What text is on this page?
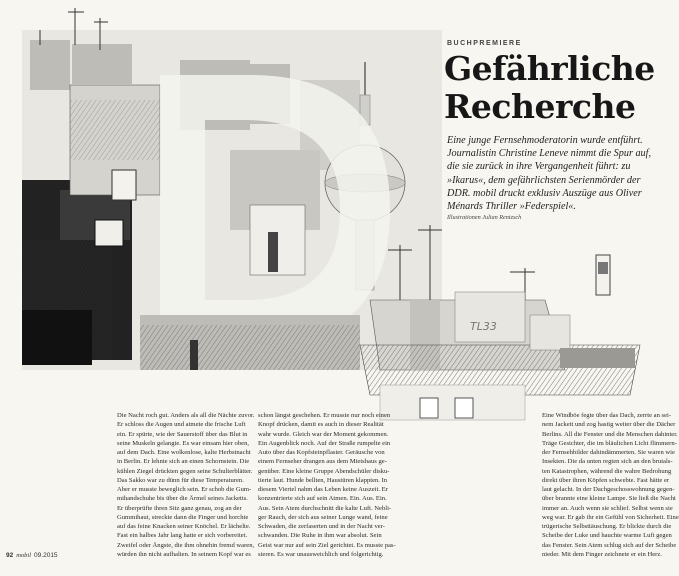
TL33
BUCHPREMIERE
Gefährliche
Recherche

Eine junge Fernsehmoderatorin wurde entführt. Journalistin Christine Leneve nimmt die Spur auf, die sie zurück in ihre Vergangenheit führt: zu »Ikarus«, dem gefährlichsten Serienmörder der DDR. mobil druckt exklusiv Auszüge aus Oliver Ménards Thriller »Federspiel«.

Illustrationen Julian Rentzsch

Die Nacht roch gut. Anders als all die Nächte zuvor.

Er schloss die Augen und atmete die frische Luft

ein. Er spürte, wie der Sauerstoff über das Blut in

seine Muskeln gelangte. Es war einsam hier oben,

auf dem Dach. Eine wolkenlose, kalte Herbstnacht

in Berlin. Er lehnte sich an einen Schornstein. Die

kühlen Ziegel drückten gegen seine Schulterblätter.

Das Sakko war zu dünn für diese Temperaturen.

Aber er musste beweglich sein. Er schob die Gum-

mihandschuhe bis über die Ärmel seines Jacketts.

Er überprüfte ihren Sitz ganz genau, zog an der

Gummihaut, streckte dann die Finger und horchte

auf das feine Knacken seiner Knöchel. Er lächelte.

Fast ein halbes Jahr lang hatte er sich vorbereitet.

Zweifel oder Ängste, die ihm ohnehin fremd waren,

würden ihn nicht aufhalten. In seinem Kopf war es

schon längst geschehen. Er musste nur noch einen

Knopf drücken, damit es auch in dieser Realität

wahr wurde. Gleich war der Moment gekommen.

Ein Augenblick noch. Auf der Straße rumpelte ein

Auto über das Kopfsteinpflaster. Geräusche von

einem Fernseher drangen aus dem Mietshaus ge-

genüber. Eine kleine Gruppe Abendschüler disku-

tierte laut. Hunde bellten, Haustüren klappten. In

diesem Viertel nahm das Leben keine Auszeit. Er

konzentrierte sich auf sein Atmen. Ein. Aus. Ein.

Aus. Sein Atem durchschnitt die kalte Luft. Nebli-

ger Rauch, der sich aus seiner Lunge wand, feine

Schwaden, die zerfaserten und in der Nacht ver-

schwanden. Die Ruhe in ihm war absolut. Sein

Geist war nur auf sein Ziel gerichtet. Es musste pas-

sieren. Es war unausweichlich und folgerichtig.

Eine Windböe fegte über das Dach, zerrte an sei-

nem Jackett und zog hastig weiter über die Dächer

Berlins. All die Fenster und die Menschen dahinter.

Träge Gesichter, die im bläulichen Licht flimmern-

der Fernsehbilder dahindämmerten. Sie waren wie

Insekten. Die da unten regten sich an den brutals-

ten Katastrophen, während die wahre Bedrohung

direkt über ihren Köpfen schwebte. Fast hätte er

laut gelacht. In der Dachgeschosswohnung gegen-

über brannte eine kleine Lampe. Sie ließ die Nacht

immer an. Auch wenn sie schlief. Selbst wenn sie

weg war. Er gab ihr ein Gefühl von Sicherheit. Eine

trügerische Selbsttäuschung. Er blickte durch die

Scheibe der Luke und hauchte warme Luft gegen

das Fenster. Sein Atem schlug sich auf der Scheibe

nieder. Mit dem Finger zeichnete er ein Herz.

92 mobil 09.2015
